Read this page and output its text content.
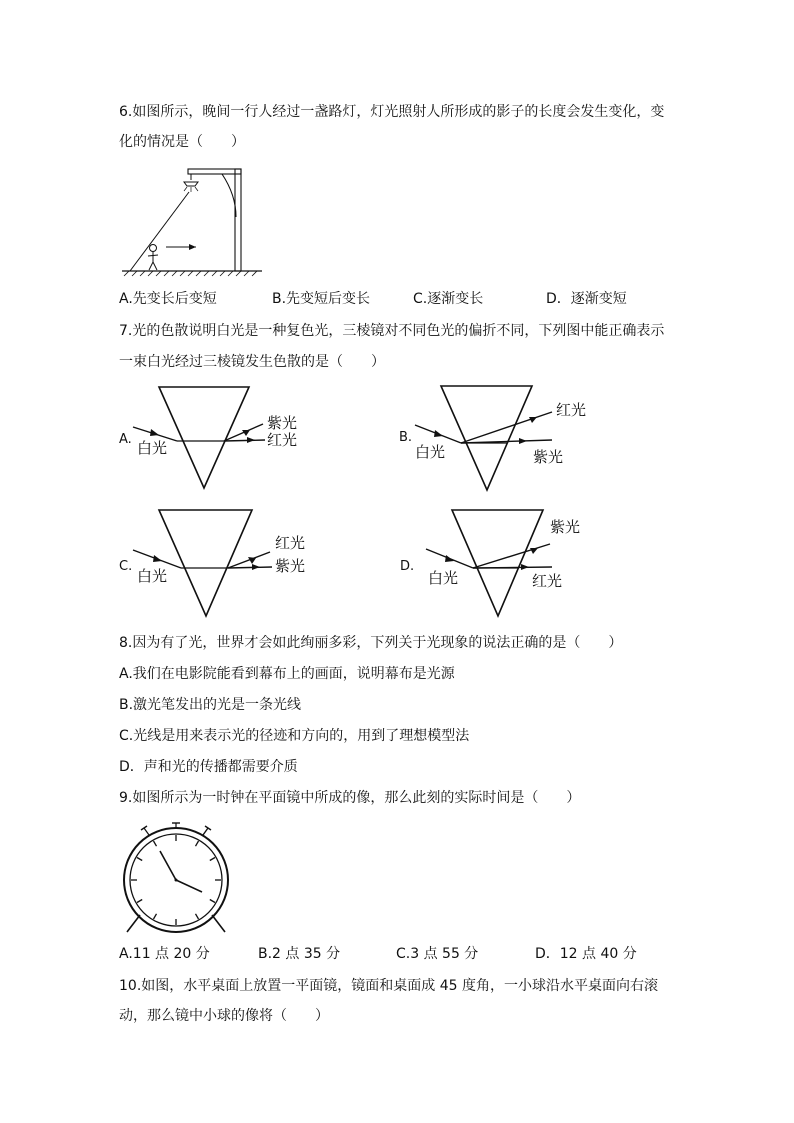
6.如图所示，晚间一行人经过一盏路灯，灯光照射人所形成的影子的长度会发生变化，变
化的情况是（　　）
A.先变长后变短	B.先变短后变长	C.逐渐变长	D．逐渐变短
7.光的色散说明白光是一种复色光，三棱镜对不同色光的偏折不同，下列图中能正确表示
一束白光经过三棱镜发生色散的是（　　）
A. 白光
紫光
红光	B.
白光
红光
紫光
C.
白光
红光
紫光	D.
白光
紫光
红光
8.因为有了光，世界才会如此绚丽多彩，下列关于光现象的说法正确的是（　　）
A.我们在电影院能看到幕布上的画面，说明幕布是光源
B.激光笔发出的光是一条光线
C.光线是用来表示光的径迹和方向的，用到了理想模型法
D．声和光的传播都需要介质
9.如图所示为一时钟在平面镜中所成的像，那么此刻的实际时间是（　　）
A.11 点 20 分	B.2 点 35 分	C.3 点 55 分	D．12 点 40 分
10.如图，水平桌面上放置一平面镜，镜面和桌面成 45 度角，一小球沿水平桌面向右滚
动，那么镜中小球的像将（　　）
